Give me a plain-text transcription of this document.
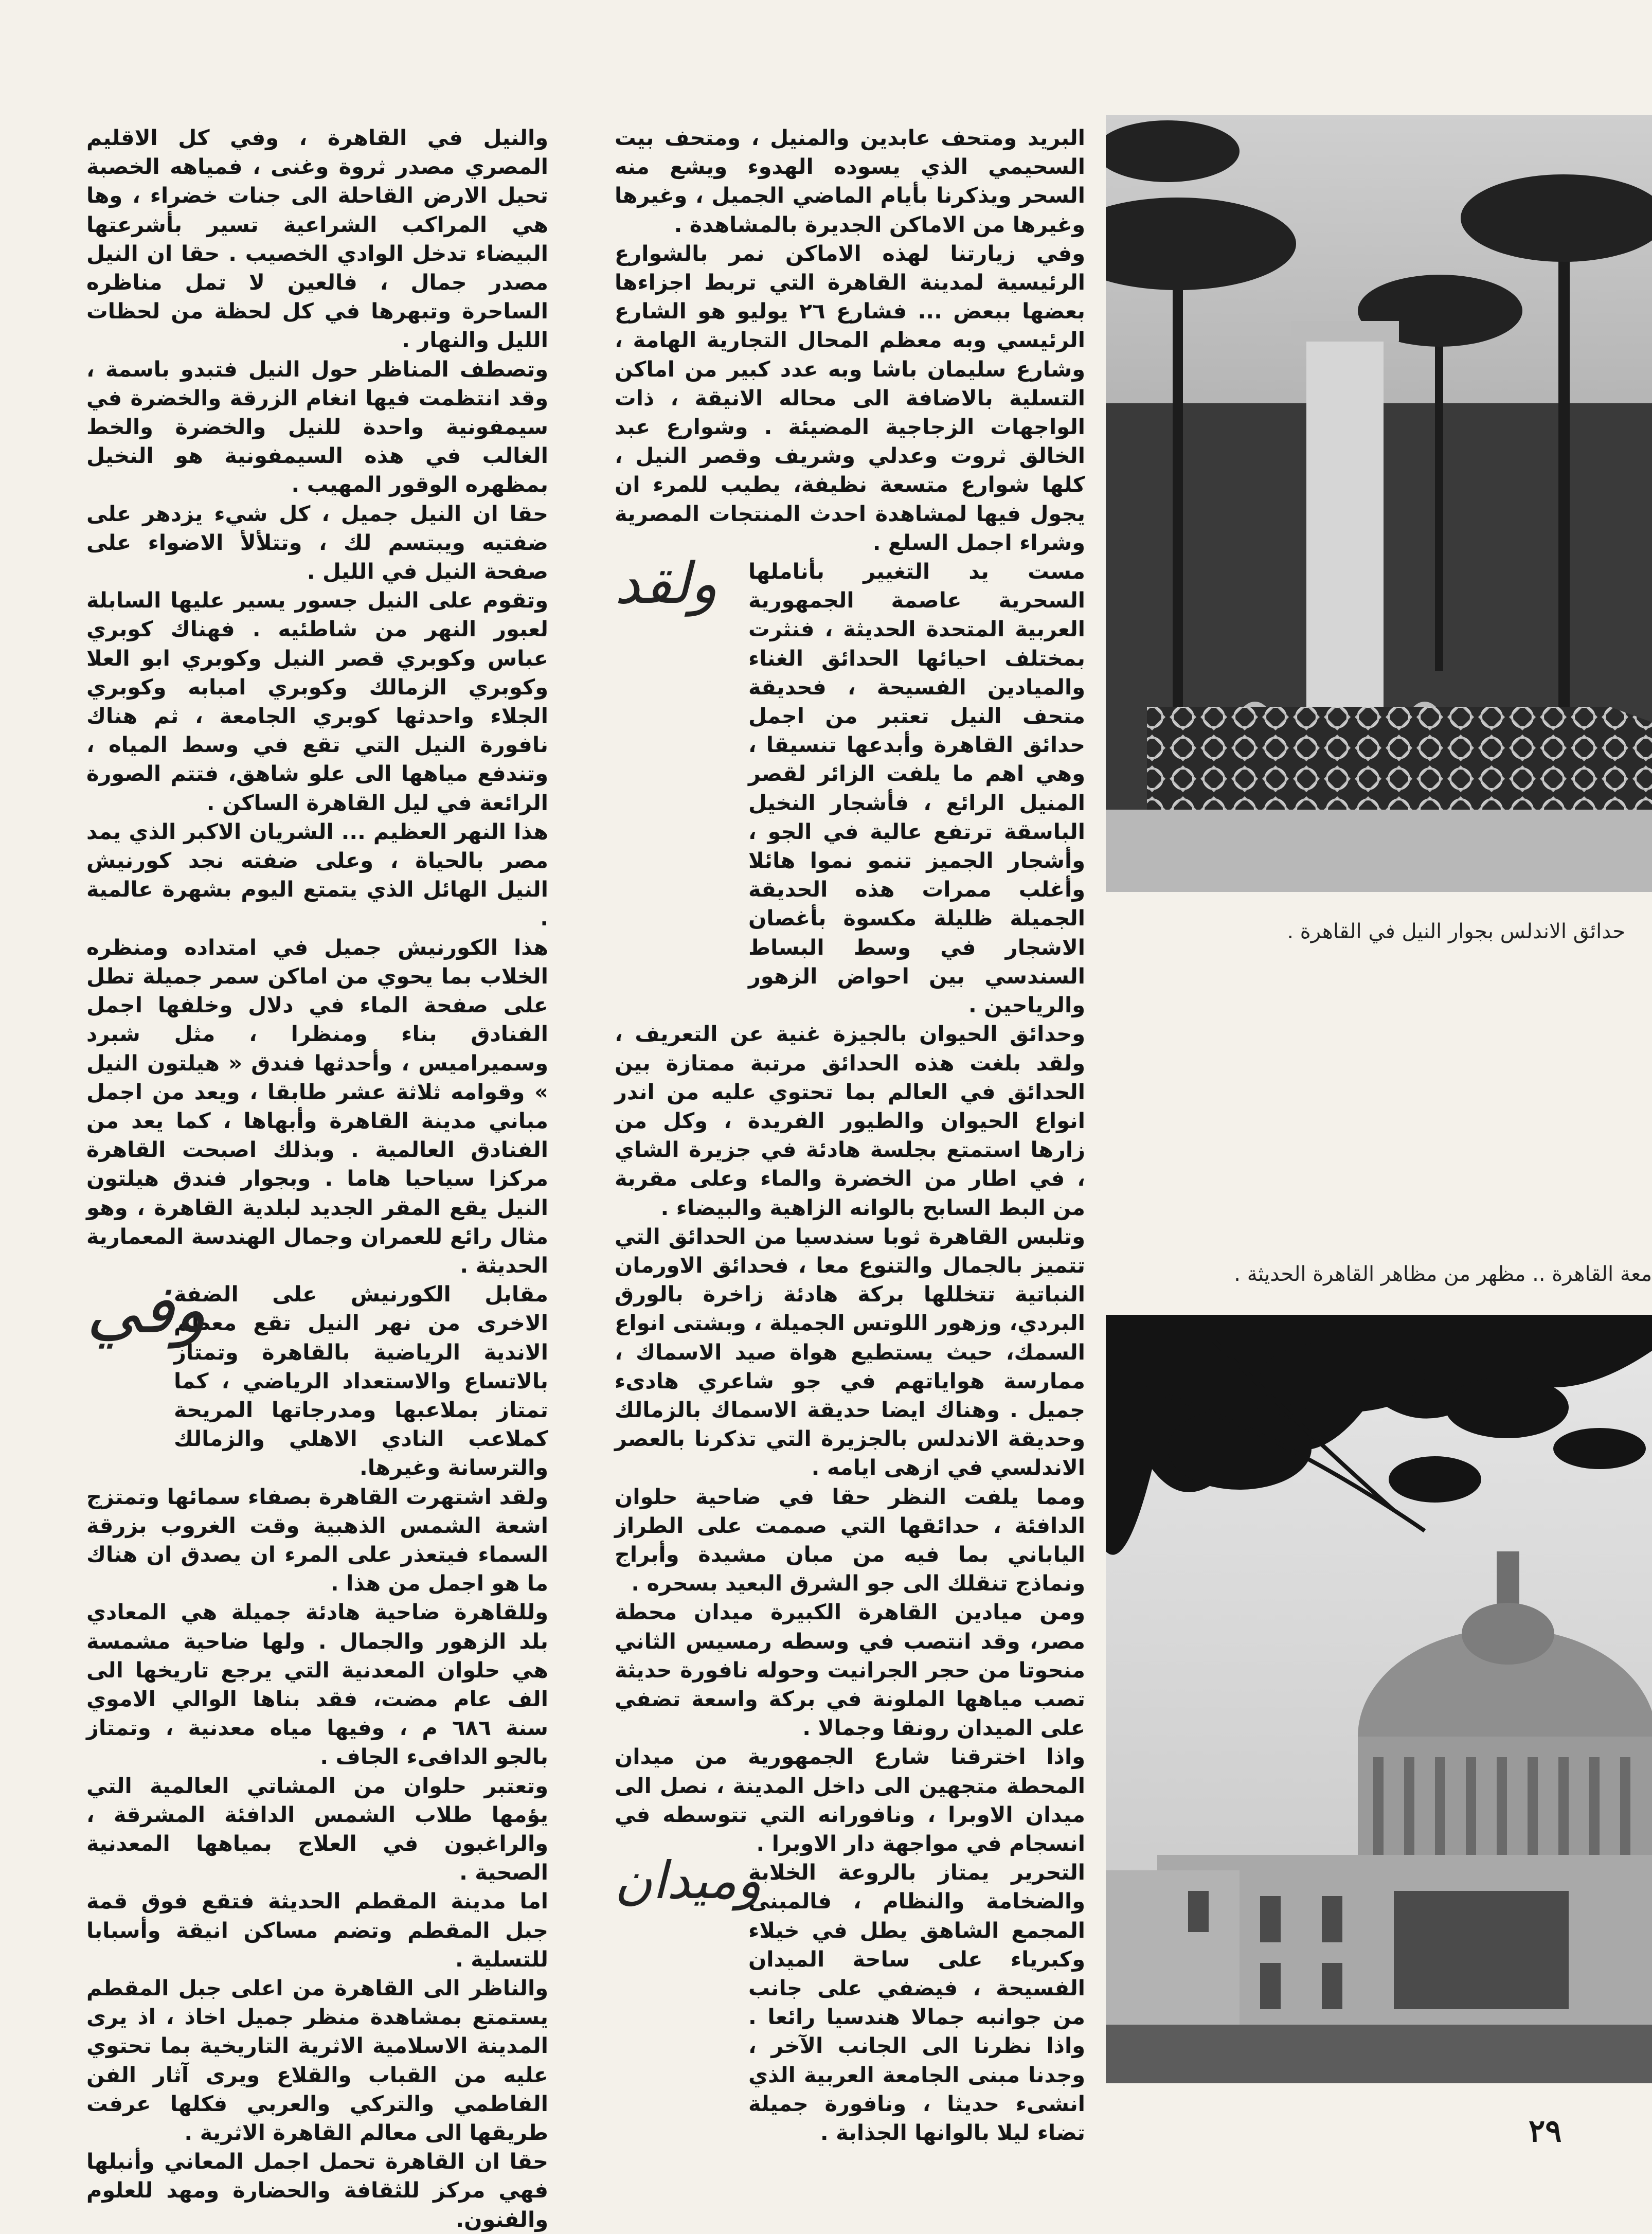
حدائق الاندلس بجوار النيل في القاهرة .
معة القاهرة .. مظهر من مظاهر القاهرة الحديثة .

البريد ومتحف عابدين والمنيل ، ومتحف بيت السحيمي الذي يسوده الهدوء ويشع منه السحر ويذكرنا بأيام الماضي الجميل ، وغيرها وغيرها من الاماكن الجديرة بالمشاهدة .

وفي زيارتنا لهذه الاماكن نمر بالشوارع الرئيسية لمدينة القاهرة التي تربط اجزاءها بعضها ببعض ... فشارع ٢٦ يوليو هو الشارع الرئيسي وبه معظم المحال التجارية الهامة ، وشارع سليمان باشا وبه عدد كبير من اماكن التسلية بالاضافة الى محاله الانيقة ، ذات الواجهات الزجاجية المضيئة . وشوارع عبد الخالق ثروت وعدلي وشريف وقصر النيل ، كلها شوارع متسعة نظيفة، يطيب للمرء ان يجول فيها لمشاهدة احدث المنتجات المصرية وشراء اجمل السلع .

ولقد مست يد التغيير بأناملها السحرية عاصمة الجمهورية العربية المتحدة الحديثة ، فنثرت بمختلف احيائها الحدائق الغناء والميادين الفسيحة ، فحديقة متحف النيل تعتبر من اجمل حدائق القاهرة وأبدعها تنسيقا ، وهي اهم ما يلفت الزائر لقصر المنيل الرائع ، فأشجار النخيل الباسقة ترتفع عالية في الجو ، وأشجار الجميز تنمو نموا هائلا وأغلب ممرات هذه الحديقة الجميلة ظليلة مكسوة بأغصان الاشجار في وسط البساط السندسي بين احواض الزهور والرياحين .

وحدائق الحيوان بالجيزة غنية عن التعريف ، ولقد بلغت هذه الحدائق مرتبة ممتازة بين الحدائق في العالم بما تحتوي عليه من اندر انواع الحيوان والطيور الفريدة ، وكل من زارها استمتع بجلسة هادئة في جزيرة الشاي ، في اطار من الخضرة والماء وعلى مقربة من البط السابح بالوانه الزاهية والبيضاء .

وتلبس القاهرة ثوبا سندسيا من الحدائق التي تتميز بالجمال والتنوع معا ، فحدائق الاورمان النباتية تتخللها بركة هادئة زاخرة بالورق البردي، وزهور اللوتس الجميلة ، وبشتى انواع السمك، حيث يستطيع هواة صيد الاسماك ، ممارسة هواياتهم في جو شاعري هادىء جميل . وهناك ايضا حديقة الاسماك بالزمالك وحديقة الاندلس بالجزيرة التي تذكرنا بالعصر الاندلسي في ازهى ايامه .

ومما يلفت النظر حقا في ضاحية حلوان الدافئة ، حدائقها التي صممت على الطراز الياباني بما فيه من مبان مشيدة وأبراج ونماذج تنقلك الى جو الشرق البعيد بسحره .

ومن ميادين القاهرة الكبيرة ميدان محطة مصر، وقد انتصب في وسطه رمسيس الثاني منحوتا من حجر الجرانيت وحوله نافورة حديثة تصب مياهها الملونة في بركة واسعة تضفي على الميدان رونقا وجمالا .

واذا اخترقنا شارع الجمهورية من ميدان المحطة متجهين الى داخل المدينة ، نصل الى ميدان الاوبرا ، ونافورانه التي تتوسطه في انسجام في مواجهة دار الاوبرا .

وميدان

التحرير يمتاز بالروعة الخلابة والضخامة والنظام ، فالمبنى المجمع الشاهق يطل في خيلاء وكبرياء على ساحة الميدان الفسيحة ، فيضفي على جانب من جوانبه جمالا هندسيا رائعا . واذا نظرنا الى الجانب الآخر ، وجدنا مبنى الجامعة العربية الذي انشىء حديثا ، ونافورة جميلة تضاء ليلا بالوانها الجذابة .

والنيل في القاهرة ، وفي كل الاقليم المصري مصدر ثروة وغنى ، فمياهه الخصبة تحيل الارض القاحلة الى جنات خضراء ، وها هي المراكب الشراعية تسير بأشرعتها البيضاء تدخل الوادي الخصيب . حقا ان النيل مصدر جمال ، فالعين لا تمل مناظره الساحرة وتبهرها في كل لحظة من لحظات الليل والنهار .

وتصطف المناظر حول النيل فتبدو باسمة ، وقد انتظمت فيها انغام الزرقة والخضرة في سيمفونية واحدة للنيل والخضرة والخط الغالب في هذه السيمفونية هو النخيل بمظهره الوقور المهيب .

حقا ان النيل جميل ، كل شيء يزدهر على ضفتيه ويبتسم لك ، وتتلألأ الاضواء على صفحة النيل في الليل .

وتقوم على النيل جسور يسير عليها السابلة لعبور النهر من شاطئيه . فهناك كوبري عباس وكوبري قصر النيل وكوبري ابو العلا وكوبري الزمالك وكوبري امبابه وكوبري الجلاء واحدثها كوبري الجامعة ، ثم هناك نافورة النيل التي تقع في وسط المياه ، وتندفع مياهها الى علو شاهق، فتتم الصورة الرائعة في ليل القاهرة الساكن .

هذا النهر العظيم ... الشريان الاكبر الذي يمد مصر بالحياة ، وعلى ضفته نجد كورنيش النيل الهائل الذي يتمتع اليوم بشهرة عالمية .

هذا الكورنيش جميل في امتداده ومنظره الخلاب بما يحوي من اماكن سمر جميلة تطل على صفحة الماء في دلال وخلفها اجمل الفنادق بناء ومنظرا ، مثل شبرد وسميراميس ، وأحدثها فندق « هيلتون النيل » وقوامه ثلاثة عشر طابقا ، ويعد من اجمل مباني مدينة القاهرة وأبهاها ، كما يعد من الفنادق العالمية . وبذلك اصبحت القاهرة مركزا سياحيا هاما . وبجوار فندق هيلتون النيل يقع المقر الجديد لبلدية القاهرة ، وهو مثال رائع للعمران وجمال الهندسة المعمارية الحديثة .

وفي

مقابل الكورنيش على الضفة الاخرى من نهر النيل تقع معظم الاندية الرياضية بالقاهرة وتمتاز بالاتساع والاستعداد الرياضي ، كما تمتاز بملاعبها ومدرجاتها المريحة كملاعب النادي الاهلي والزمالك والترسانة وغيرها.

ولقد اشتهرت القاهرة بصفاء سمائها وتمتزج اشعة الشمس الذهبية وقت الغروب بزرقة السماء فيتعذر على المرء ان يصدق ان هناك ما هو اجمل من هذا .

وللقاهرة ضاحية هادئة جميلة هي المعادي بلد الزهور والجمال . ولها ضاحية مشمسة هي حلوان المعدنية التي يرجع تاريخها الى الف عام مضت، فقد بناها الوالي الاموي سنة ٦٨٦ م ، وفيها مياه معدنية ، وتمتاز بالجو الدافىء الجاف .

وتعتبر حلوان من المشاتي العالمية التي يؤمها طلاب الشمس الدافئة المشرقة ، والراغبون في العلاج بمياهها المعدنية الصحية .

اما مدينة المقطم الحديثة فتقع فوق قمة جبل المقطم وتضم مساكن انيقة وأسبابا للتسلية .

والناظر الى القاهرة من اعلى جبل المقطم يستمتع بمشاهدة منظر جميل اخاذ ، اذ يرى المدينة الاسلامية الاثرية التاريخية بما تحتوي عليه من القباب والقلاع ويرى آثار الفن الفاطمي والتركي والعربي فكلها عرفت طريقها الى معالم القاهرة الاثرية .

حقا ان القاهرة تحمل اجمل المعاني وأنبلها فهي مركز للثقافة والحضارة ومهد للعلوم والفنون.

٢٩
